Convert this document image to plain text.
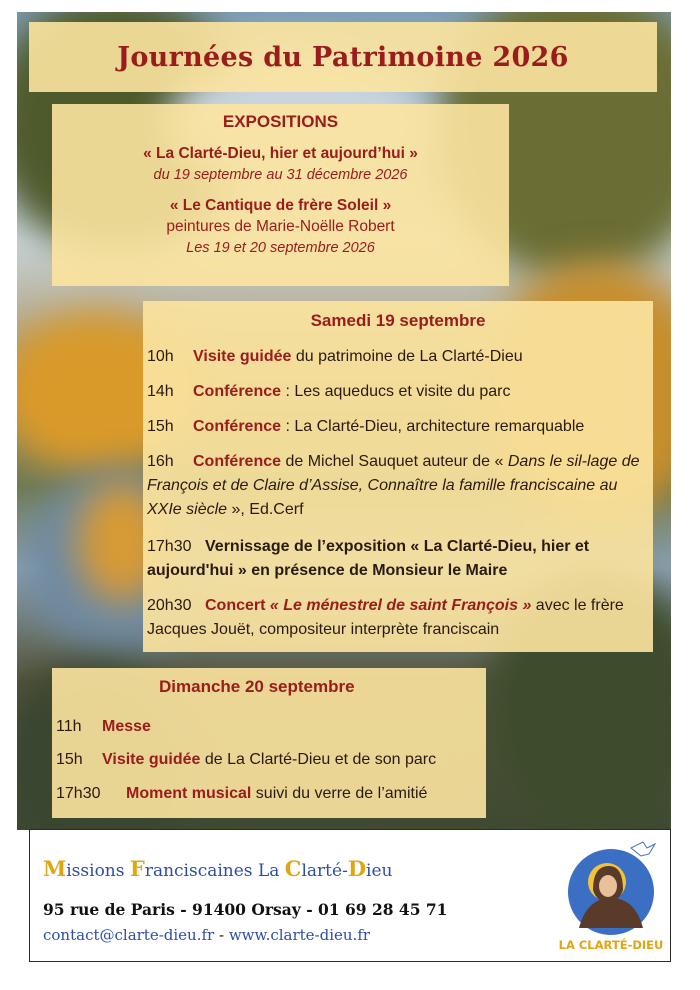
Journées du Patrimoine 2026
EXPOSITIONS
« La Clarté-Dieu, hier et aujourd’hui »
du 19 septembre au 31 décembre 2026
« Le Cantique de frère Soleil »
peintures de Marie-Noëlle Robert
Les 19 et 20 septembre 2026
Samedi 19 septembre
10h Visite guidée du patrimoine de La Clarté-Dieu
14h Conférence : Les aqueducs et visite du parc
15h Conférence : La Clarté-Dieu, architecture remarquable
16h Conférence de Michel Sauquet auteur de « Dans le sil-lage de François et de Claire d’Assise, Connaître la famille franciscaine au XXIe siècle », Ed.Cerf
17h30 Vernissage de l’exposition « La Clarté-Dieu, hier et aujourd'hui » en présence de Monsieur le Maire
20h30 Concert « Le ménestrel de saint François » avec le frère Jacques Jouët, compositeur interprète franciscain
Dimanche 20 septembre
11h Messe
15h Visite guidée de La Clarté-Dieu et de son parc
17h30 Moment musical suivi du verre de l’amitié
Missions Franciscaines La Clarté-Dieu
95 rue de Paris - 91400 Orsay - 01 69 28 45 71
contact@clarte-dieu.fr - www.clarte-dieu.fr
LA CLARTÉ-DIEU
